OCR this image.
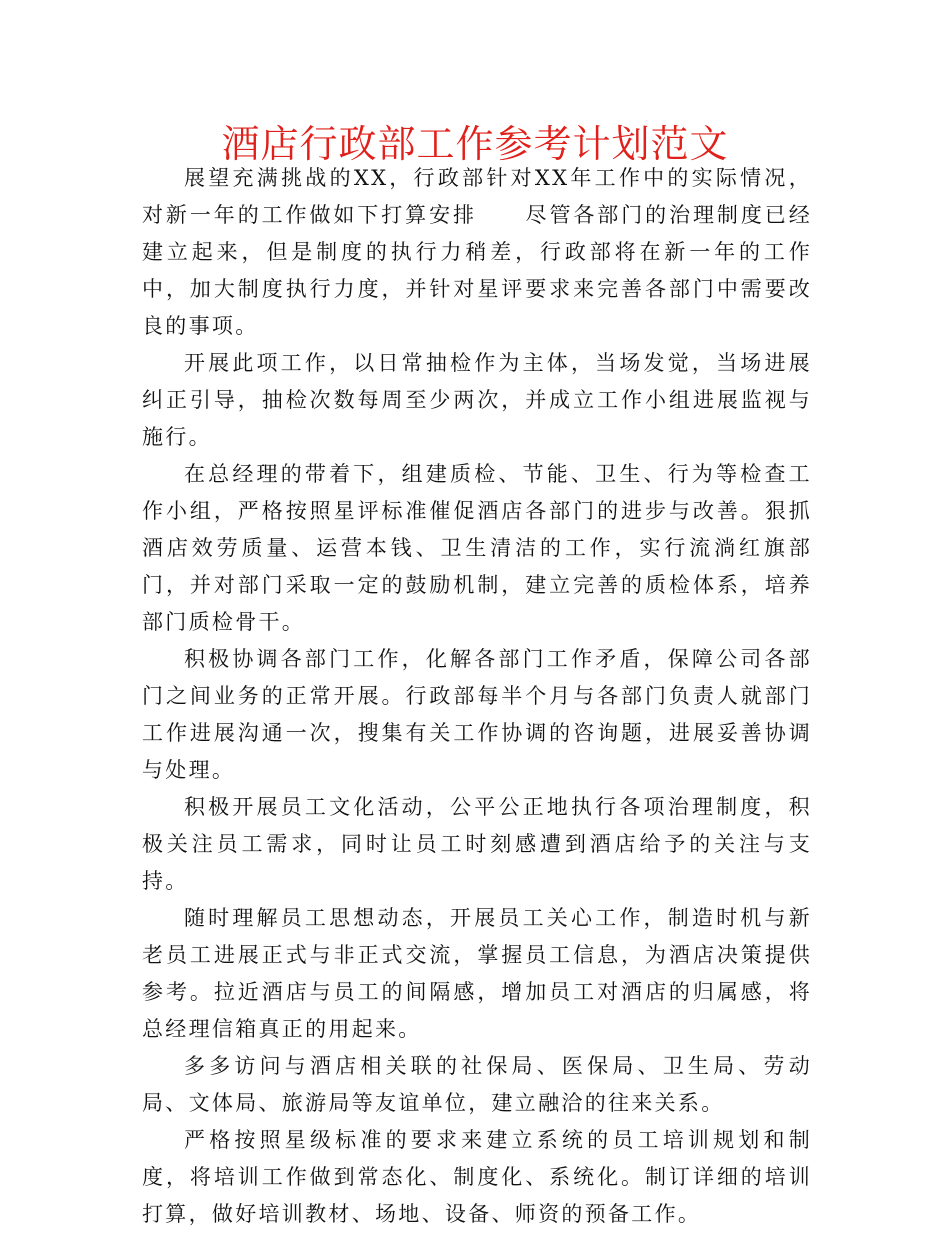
酒店行政部工作参考计划范文

展望充满挑战的XX，行政部针对XX年工作中的实际情况，对新一年的工作做如下打算安排 尽管各部门的治理制度已经建立起来，但是制度的执行力稍差，行政部将在新一年的工作中，加大制度执行力度，并针对星评要求来完善各部门中需要改良的事项。

开展此项工作，以日常抽检作为主体，当场发觉，当场进展纠正引导，抽检次数每周至少两次，并成立工作小组进展监视与施行。

在总经理的带着下，组建质检、节能、卫生、行为等检查工作小组，严格按照星评标准催促酒店各部门的进步与改善。狠抓酒店效劳质量、运营本钱、卫生清洁的工作，实行流淌红旗部门，并对部门采取一定的鼓励机制，建立完善的质检体系，培养部门质检骨干。

积极协调各部门工作，化解各部门工作矛盾，保障公司各部门之间业务的正常开展。行政部每半个月与各部门负责人就部门工作进展沟通一次，搜集有关工作协调的咨询题，进展妥善协调与处理。

积极开展员工文化活动，公平公正地执行各项治理制度，积极关注员工需求，同时让员工时刻感遭到酒店给予的关注与支持。

随时理解员工思想动态，开展员工关心工作，制造时机与新老员工进展正式与非正式交流，掌握员工信息，为酒店决策提供参考。拉近酒店与员工的间隔感，增加员工对酒店的归属感，将总经理信箱真正的用起来。

多多访问与酒店相关联的社保局、医保局、卫生局、劳动局、文体局、旅游局等友谊单位，建立融洽的往来关系。

严格按照星级标准的要求来建立系统的员工培训规划和制度，将培训工作做到常态化、制度化、系统化。制订详细的培训打算，做好培训教材、场地、设备、师资的预备工作。
